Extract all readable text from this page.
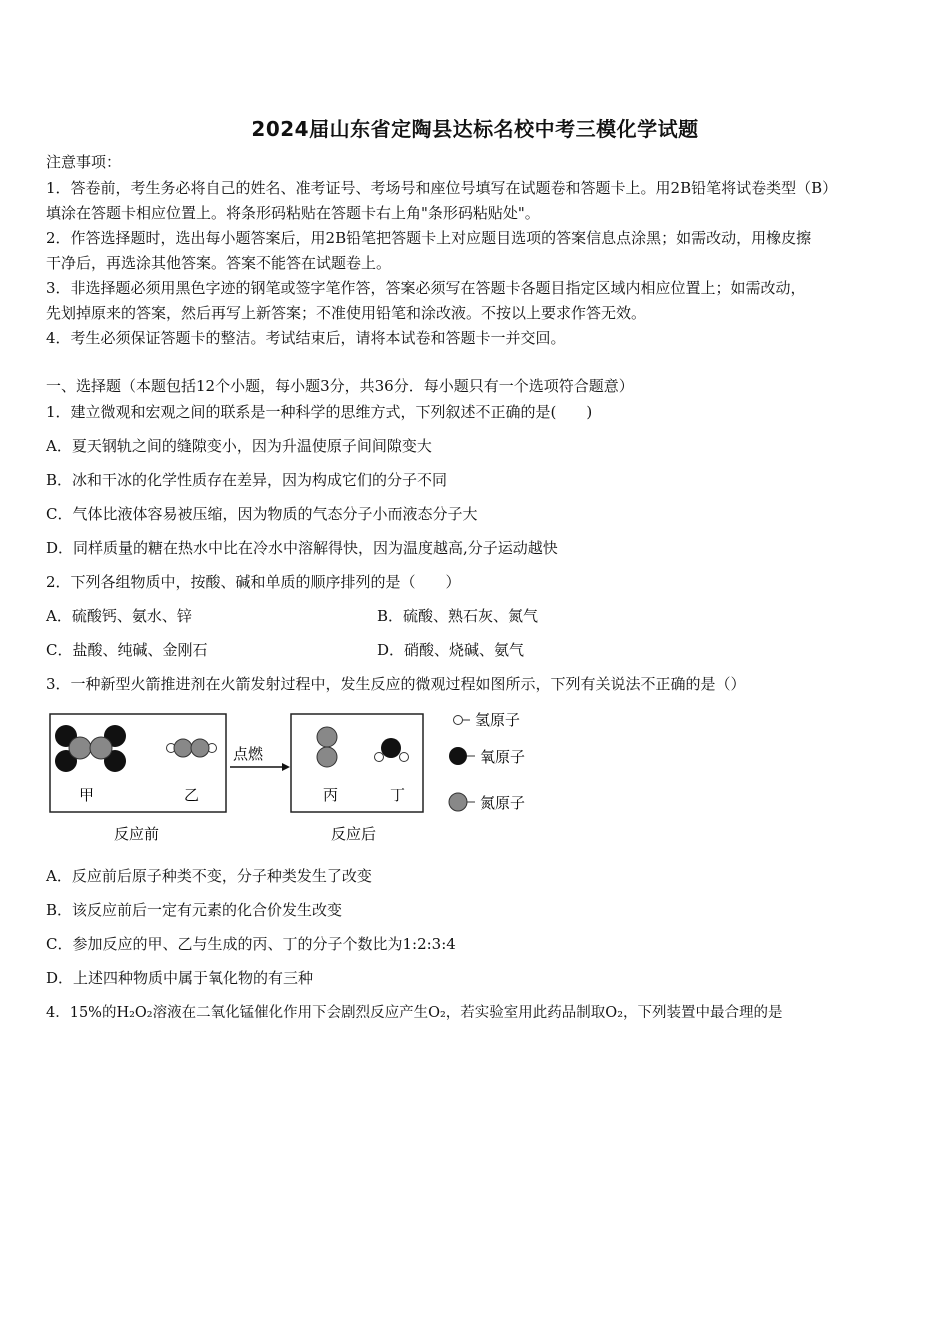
2024届山东省定陶县达标名校中考三模化学试题
注意事项：
1．答卷前，考生务必将自己的姓名、准考证号、考场号和座位号填写在试题卷和答题卡上。用2B铅笔将试卷类型（B）
填涂在答题卡相应位置上。将条形码粘贴在答题卡右上角"条形码粘贴处"。
2．作答选择题时，选出每小题答案后，用2B铅笔把答题卡上对应题目选项的答案信息点涂黑；如需改动，用橡皮擦
干净后，再选涂其他答案。答案不能答在试题卷上。
3．非选择题必须用黑色字迹的钢笔或签字笔作答，答案必须写在答题卡各题目指定区域内相应位置上；如需改动，
先划掉原来的答案，然后再写上新答案；不准使用铅笔和涂改液。不按以上要求作答无效。
4．考生必须保证答题卡的整洁。考试结束后，请将本试卷和答题卡一并交回。
一、选择题（本题包括12个小题，每小题3分，共36分．每小题只有一个选项符合题意）
1．建立微观和宏观之间的联系是一种科学的思维方式，下列叙述不正确的是(　　)
A．夏天钢轨之间的缝隙变小，因为升温使原子间间隙变大
B．冰和干冰的化学性质存在差异，因为构成它们的分子不同
C．气体比液体容易被压缩，因为物质的气态分子小而液态分子大
D．同样质量的糖在热水中比在冷水中溶解得快，因为温度越高,分子运动越快
2．下列各组物质中，按酸、碱和单质的顺序排列的是（　　）
A．硫酸钙、氨水、锌	B．硫酸、熟石灰、氮气
C．盐酸、纯碱、金刚石	D．硝酸、烧碱、氨气
3．一种新型火箭推进剂在火箭发射过程中，发生反应的微观过程如图所示，下列有关说法不正确的是（）
甲	乙
点燃
丙	丁
反应前	反应后
氢原子
氧原子
氮原子
A．反应前后原子种类不变，分子种类发生了改变
B．该反应前后一定有元素的化合价发生改变
C．参加反应的甲、乙与生成的丙、丁的分子个数比为1:2:3:4
D．上述四种物质中属于氧化物的有三种
4．15%的H₂O₂溶液在二氧化锰催化作用下会剧烈反应产生O₂，若实验室用此药品制取O₂，下列装置中最合理的是
